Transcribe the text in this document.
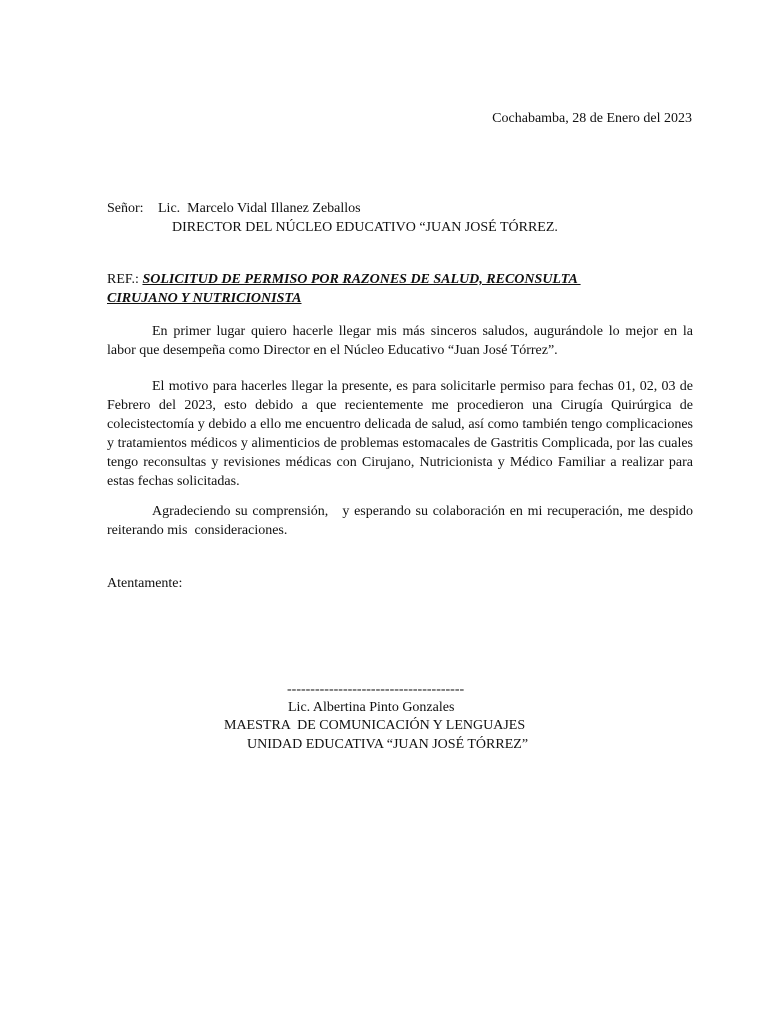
Cochabamba, 28 de Enero del 2023
Señor: Lic.  Marcelo Vidal Illanez Zeballos
DIRECTOR DEL NÚCLEO EDUCATIVO “JUAN JOSÉ TÓRREZ.
REF.: SOLICITUD DE PERMISO POR RAZONES DE SALUD, RECONSULTA
CIRUJANO Y NUTRICIONISTA
En primer lugar quiero hacerle llegar mis más sinceros saludos, augurándole lo mejor en la labor que desempeña como Director en el Núcleo Educativo “Juan José Tórrez”.
El motivo para hacerles llegar la presente, es para solicitarle permiso para fechas 01, 02, 03 de Febrero del 2023, esto debido a que recientemente me procedieron una Cirugía Quirúrgica de colecistectomía y debido a ello me encuentro delicada de salud, así como también tengo complicaciones y tratamientos médicos y alimenticios de problemas estomacales de Gastritis Complicada, por las cuales tengo reconsultas y revisiones médicas con Cirujano, Nutricionista y Médico Familiar a realizar para estas fechas solicitadas.
Agradeciendo su comprensión,   y esperando su colaboración en mi recuperación, me despido reiterando mis  consideraciones.
Atentamente:
--------------------------------------
Lic. Albertina Pinto Gonzales
MAESTRA  DE COMUNICACIÓN Y LENGUAJES
UNIDAD EDUCATIVA “JUAN JOSÉ TÓRREZ”
